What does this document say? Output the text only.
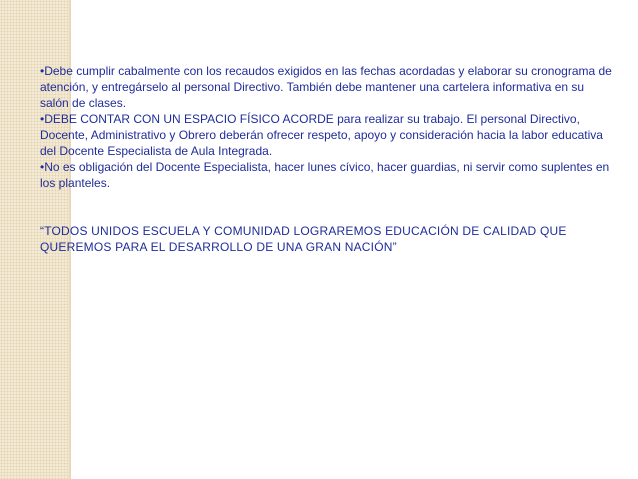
•Debe cumplir cabalmente con los recaudos exigidos en las fechas acordadas y elaborar su cronograma de atención, y entregárselo al personal Directivo. También debe mantener una cartelera informativa en su salón de clases.

•DEBE CONTAR CON UN ESPACIO FÍSICO ACORDE para realizar su trabajo. El personal Directivo, Docente, Administrativo y Obrero deberán ofrecer respeto, apoyo y consideración hacia la labor educativa del Docente Especialista de Aula Integrada.

•No es obligación del Docente Especialista, hacer lunes cívico, hacer guardias, ni servir como suplentes en los planteles.

“TODOS UNIDOS ESCUELA Y COMUNIDAD LOGRAREMOS EDUCACIÓN DE CALIDAD QUE QUEREMOS PARA EL DESARROLLO DE UNA GRAN NACIÓN”
